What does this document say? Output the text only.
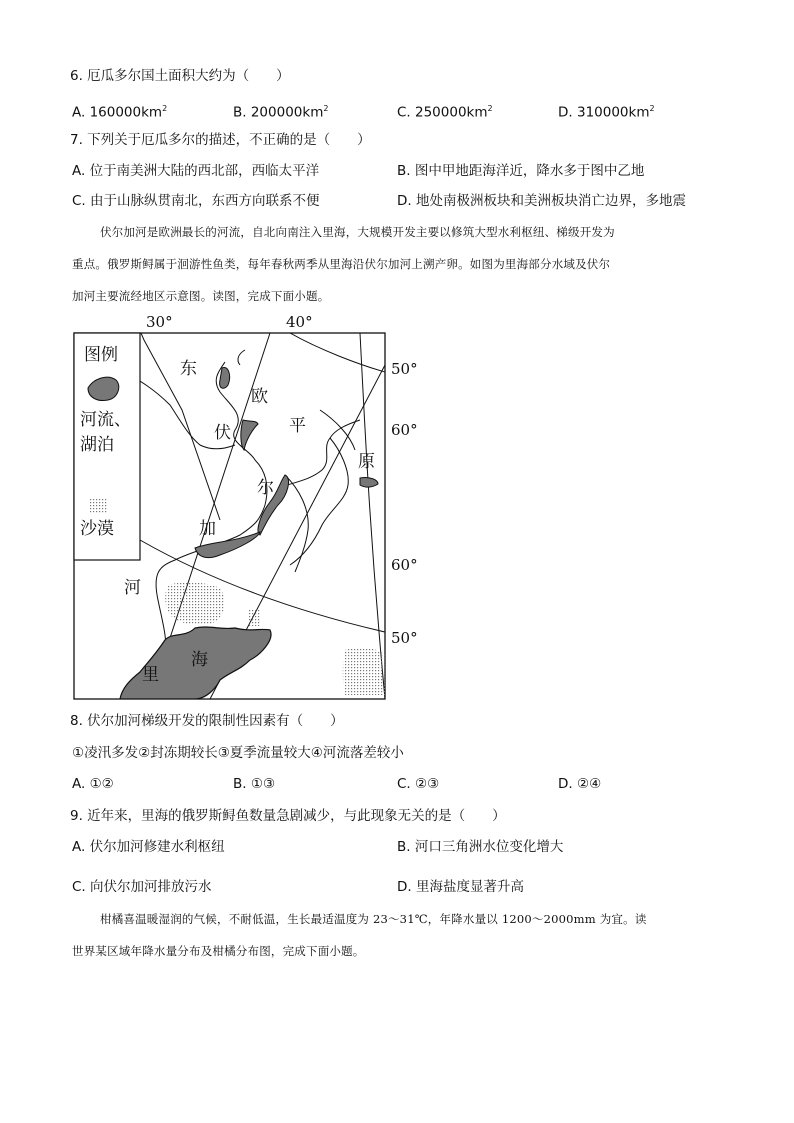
6. 厄瓜多尔国土面积大约为（　　）
A. $160000km^2$	B. $200000km^2$	C. $250000km^2$	D. $310000km^2$
7. 下列关于厄瓜多尔的描述，不正确的是（　　）
A. 位于南美洲大陆的西北部，西临太平洋	B. 图中甲地距海洋近，降水多于图中乙地
C. 由于山脉纵贯南北，东西方向联系不便	D. 地处南极洲板块和美洲板块消亡边界，多地震
伏尔加河是欧洲最长的河流，自北向南注入里海，大规模开发主要以修筑大型水利枢纽、梯级开发为
重点。俄罗斯鲟属于洄游性鱼类，每年春秋两季从里海沿伏尔加河上溯产卵。如图为里海部分水域及伏尔
加河主要流经地区示意图。读图，完成下面小题。
30°	40°
图例
河流、
湖泊
沙漠
50°
60°
60°
50°
东
欧
平
原
伏
尔
加
河
里
海
8. 伏尔加河梯级开发的限制性因素有（　　）
①凌汛多发②封冻期较长③夏季流量较大④河流落差较小
A. ①②	B. ①③	C. ②③	D. ②④
9. 近年来，里海的俄罗斯鲟鱼数量急剧减少，与此现象无关的是（　　）
A. 伏尔加河修建水利枢纽	B. 河口三角洲水位变化增大
C. 向伏尔加河排放污水	D. 里海盐度显著升高
柑橘喜温暖湿润的气候，不耐低温，生长最适温度为 23～31℃，年降水量以 1200～2000mm 为宜。读
世界某区域年降水量分布及柑橘分布图，完成下面小题。
